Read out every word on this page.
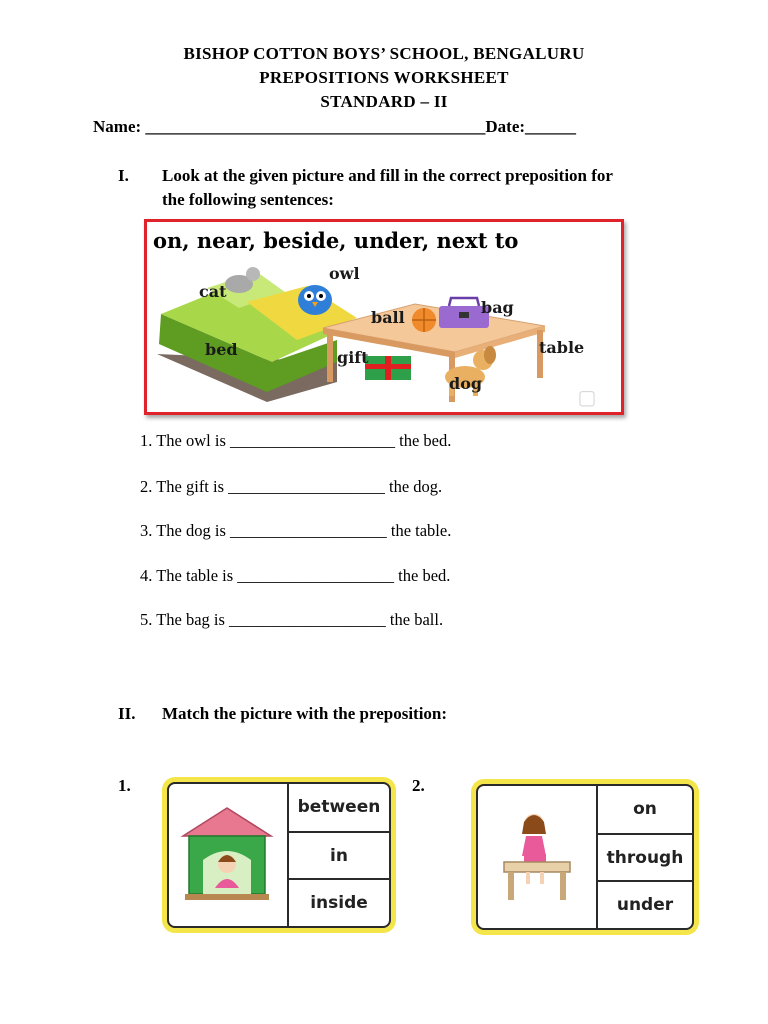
BISHOP COTTON BOYS’ SCHOOL, BENGALURU
PREPOSITIONS WORKSHEET
STANDARD – II
Name: ________________________________________Date:______
I. Look at the given picture and fill in the correct preposition for
the following sentences:
▢
on, near, beside, under, next to
cat
owl
ball
bag
bed	gift
table
dog
1. The owl is ____________________ the bed.
2. The gift is ___________________ the dog.
3. The dog is ___________________ the table.
4. The table is ___________________ the bed.
5. The bag is ___________________ the ball.
II. Match the picture with the preposition:
1.	2.
between
in
inside
on
through
under
